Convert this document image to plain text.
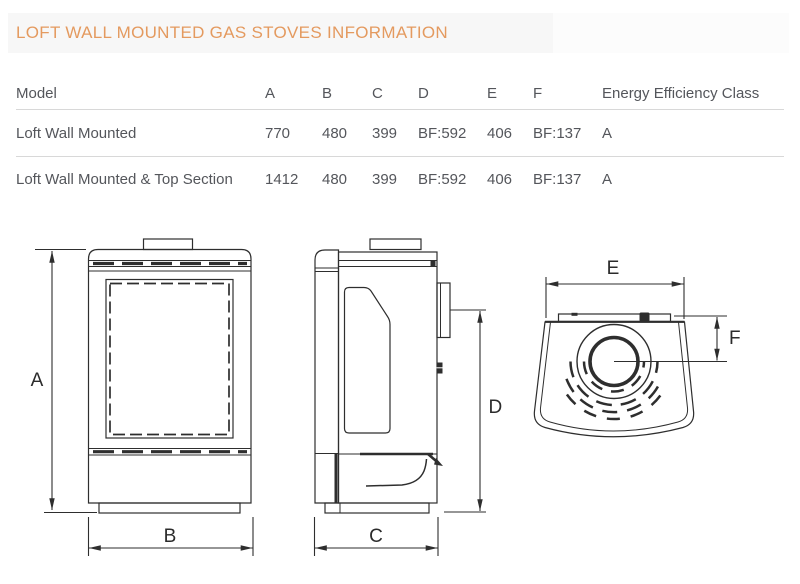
LOFT WALL MOUNTED GAS STOVES INFORMATION
Model	A	B	C	D	E	F	Energy Efficiency Class
Loft Wall Mounted	770	480	399	BF:592	406	BF:137	A
Loft Wall Mounted & Top Section	1412	480	399	BF:592	406	BF:137	A
A
B
D
C
E
F
